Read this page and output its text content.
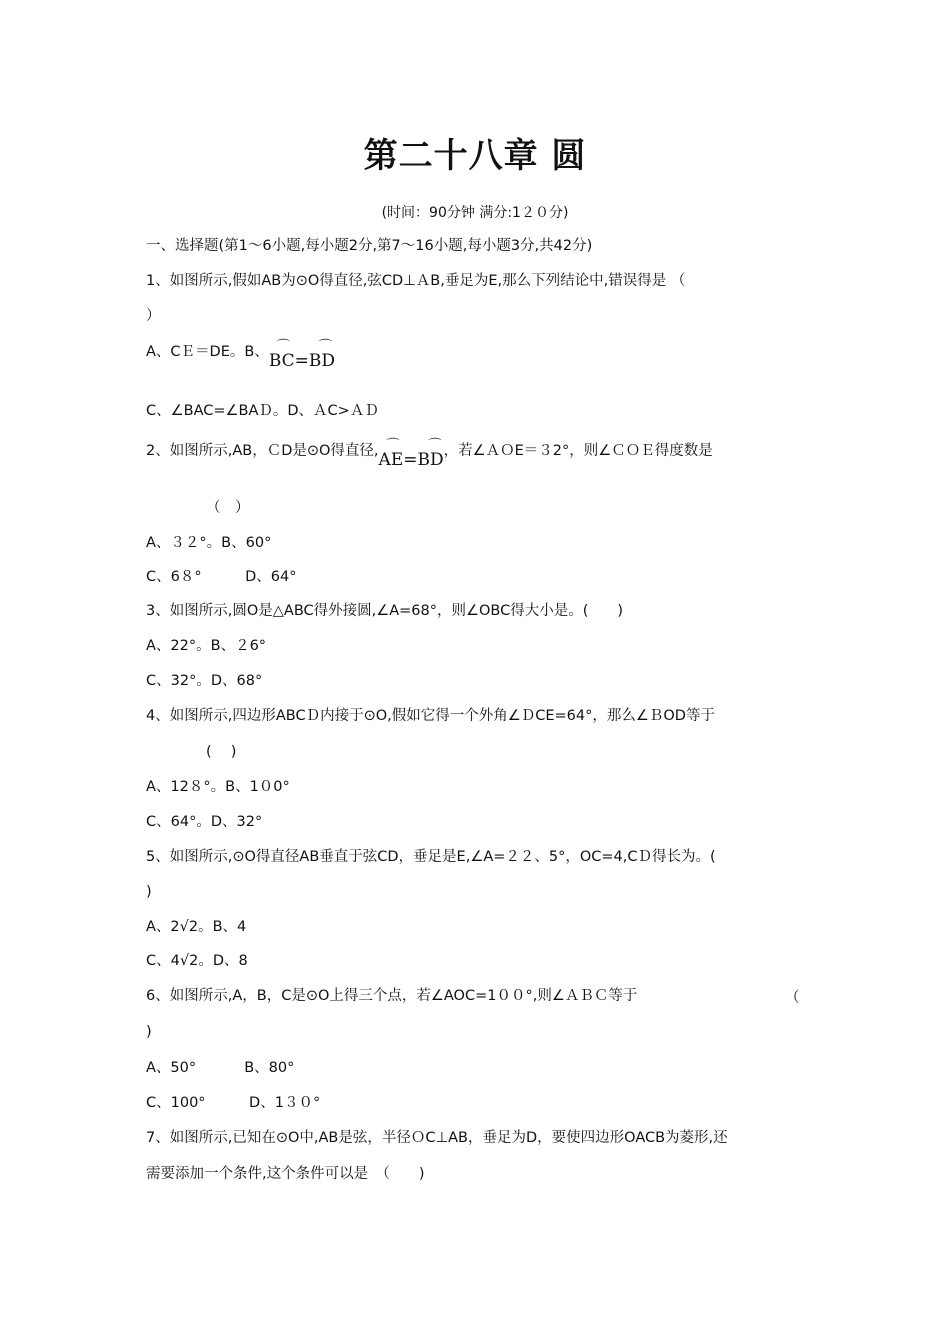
第二十八章 圆
(时间：90分钟 满分:1２０分)
一、选择题(第1～6小题,每小题2分,第7～16小题,每小题3分,共42分)
1、如图所示,假如AB为⊙O得直径,弦CD⊥ＡB,垂足为E,那么下列结论中,错误得是 （
）
A、CＥ＝DE。B、 ⌒
BC=
⌒
BD
C、∠BAC=∠BAＤ。D、ＡC>ＡＤ
2、如图所示,AB，ＣD是⊙O得直径, ⌒
AE=
⌒
BD，若∠ＡＯE＝３2°，则∠ＣＯＥ得度数是
（　）
A、３２°。B、60°
C、6８°　　　D、64°
3、如图所示,圆O是△ABC得外接圆,∠A=68°，则∠OBC得大小是。(　　)
A、22°。B、２6°
C、32°。D、68°
4、如图所示,四边形ABCＤ内接于⊙O,假如它得一个外角∠ＤCE=64°，那么∠ＢOD等于
(　 )
A、12８°。B、1０0°
C、64°。D、32°
5、如图所示,⊙O得直径AB垂直于弦CD，垂足是E,∠A=２２、5°，OC=4,CＤ得长为。(
)
A、2√2。B、4
C、4√2。D、8
6、如图所示,A，B，C是⊙O上得三个点，若∠AOC=1００°,则∠ＡＢＣ等于	（
)
A、50°　　　 B、80°
C、100°　　　D、1３０°
7、如图所示,已知在⊙O中,AB是弦，半径ＯC⊥AB，垂足为D，要使四边形OACB为菱形,还
需要添加一个条件,这个条件可以是　（　　)
